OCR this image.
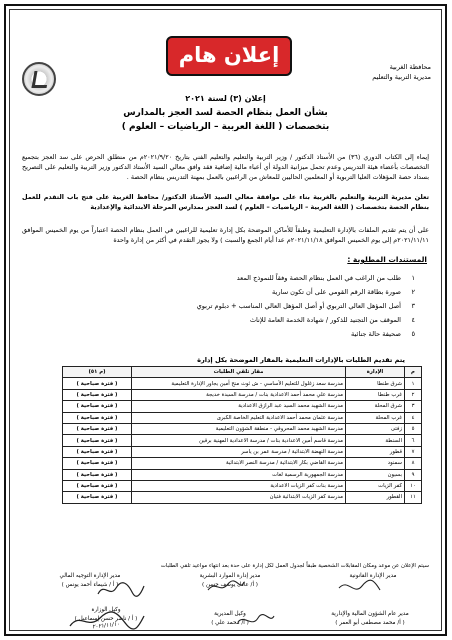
إعلان هام	محافظة الغربية
مديرية التربية والتعليم
إعلان (٣) لسنة ٢٠٢١
بشأن العمل بنظام الحصة لسد العجز بالمدارس
بتخصصات ( اللغة العربية – الرياضيات – العلوم )
إيماء إلى الكتاب الدوري (٣٦) من الأستاذ الدكتور / وزير التربية والتعليم والتعليم الفني بتاريخ ٢٠٢١/٩/٢٠م من منطلق الحرص على سد العجز بتجميع التخصصات بأعضاء هيئة التدريس وعدم تحمل ميزانية الدولة أي أعباء مالية إضافية فقد وافق معالي السيد الأستاذ الدكتور وزير التربية والتعليم على التصريح بسداد حصة المؤهلات العليا التربوية أو المعلمين الحاليين للمعاش من الراغبين بالعمل بمهنة التدريس بنظام الحصة .
تعلن مديرية التربية والتعليم بالغربية بناء على موافقة معالي السيد الأستاذ الدكتور/ محافظ الغربية على فتح باب التقدم للعمل بنظام الحصة بتخصصات ( اللغة العربية – الرياضيات – العلوم ) لسد العجز بمدارس المرحلة الابتدائية والإعدادية
على أن يتم تقديم الملفات بالإدارة التعليمية وطبقاً للأماكن الموضحة بكل إدارة تعليمية للراغبين في العمل بنظام الحصة اعتباراً من يوم الخميس الموافق ٢٠٢١/١١/١١م إلى يوم الخميس الموافق ٢٠٢١/١١/١٨م عدا أيام الجمع والسبت ) ولا يجوز التقدم في أكثر من إدارة واحدة
المستندات المطلوبة :
١طلب من الراغب في العمل بنظام الحصة وفقاً للنموذج المعد
٢صورة بطاقة الرقم القومي على أن تكون سارية
٣أصل المؤهل العالي التربوي أو أصل المؤهل العالي المناسب + دبلوم تربوي
٤الموقف من التجنيد للذكور / شهادة الخدمة العامة للإناث
٥صحيفة حالة جنائية
يتم تقديم الطلبات بالإدارات التعليمية بالمقار الموضحة بكل إدارة
م	الإدارة	مقار تلقي الطلبات	(م ٥١)
١	شرق طنطا	مدرسة سعد زغلول للتعليم الأساسي - ش ثوث منح أمين يجاور الإدارة التعليمية	( فترة صباحية )
٢	غرب طنطا	مدرسة علي محمد أحمد الاعدادية بنات / مدرسة السيدة خديجة	( فترة صباحية )
٣	شرق المحلة	مدرسة الشهيد محمد السيد عبد الرازق الاعدادية	( فترة صباحية )
٤	غرب المحلة	مدرسة عثمان محمد أحمد الاعدادية التعليم الخاصة الكبرى	( فترة صباحية )
٥	زفتى	مدرسة الشهيد محمد المحروقي - منطقة الشؤون التعليمية	( فترة صباحية )
٦	السنطة	مدرسة قاسم أمين الاعدادية بنات / مدرسة الاعدادية المهنية برقين	( فترة صباحية )
٧	قطور	مدرسة النهضة الابتدائية / مدرسة عمر بن ياسر	( فترة صباحية )
٨	سمنود	مدرسة القاضي بكار الابتدائية / مدرسة النصر الابتدائية	( فترة صباحية )
٩	بسيون	مدرسة الجمهورية الرسمية لغات	( فترة صباحية )
١٠	كفر الزيات	مدرسة بنات كفر الزيات الاعدادية	( فترة صباحية )
١١	القطور	مدرسة كفر الزيات الابتدائية فتيان	( فترة صباحية )
سيتم الإعلان عن موعد ومكان المقابلات الشخصية طبقاً لجدول العمل لكل إدارة على حدة بعد انتهاء مواعيد تلقي الطلبات
مدير الإدارة القانونية
مدير إدارة الموارد البشرية
( أ/ عادل يوسف حسن )
مدير الإدارة التوجيه المالي
( أ / شيماء أحمد يونس )
مدير عام الشؤون المالية والإدارية
( أ/ محمد مصطفى أبو العمر )
وكيل المديرية
( أ/ محمد علي )
وكيل الوزارة
( أ / ناصر حسن إسماعيل )
٢٠٢١/١١/١٠
